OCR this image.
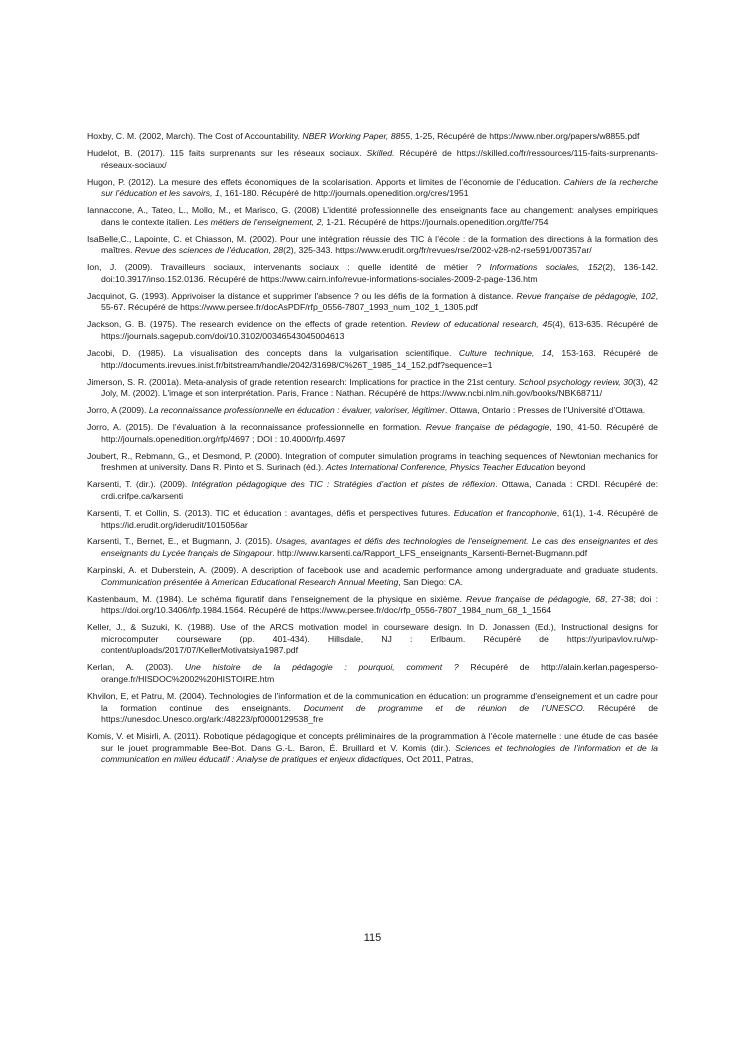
Hoxby, C. M. (2002, March). The Cost of Accountability. NBER Working Paper, 8855, 1-25, Récupéré de https://www.nber.org/papers/w8855.pdf

Hudelot, B. (2017). 115 faits surprenants sur les réseaux sociaux. Skilled. Récupéré de https://skilled.co/fr/ressources/115-faits-surprenants-réseaux-sociaux/

Hugon, P. (2012). La mesure des effets économiques de la scolarisation. Apports et limites de l’économie de l’éducation. Cahiers de la recherche sur l’éducation et les savoirs, 1, 161-180. Récupéré de http://journals.openedition.org/cres/1951

Iannaccone, A., Tateo, L., Mollo, M., et Marisco, G. (2008) L’identité professionnelle des enseignants face au changement: analyses empiriques dans le contexte italien. Les métiers de l'enseignement, 2, 1-21. Récupéré de https://journals.openedition.org/tfe/754

IsaBelle,C., Lapointe, C. et Chiasson, M. (2002). Pour une intégration réussie des TIC à l’école : de la formation des directions à la formation des maîtres. Revue des sciences de l’éducation, 28(2), 325-343. https://www.erudit.org/fr/revues/rse/2002-v28-n2-rse591/007357ar/

Ion, J. (2009). Travailleurs sociaux, intervenants sociaux : quelle identité de métier ? Informations sociales, 152(2), 136-142. doi:10.3917/inso.152.0136. Récupéré de https://www.cairn.info/revue-informations-sociales-2009-2-page-136.htm

Jacquinot, G. (1993). Apprivoiser la distance et supprimer l'absence ? ou les défis de la formation à distance. Revue française de pédagogie, 102, 55-67. Récupéré de https://www.persee.fr/docAsPDF/rfp_0556-7807_1993_num_102_1_1305.pdf

Jackson, G. B. (1975). The research evidence on the effects of grade retention. Review of educational research, 45(4), 613-635. Récupéré de https://journals.sagepub.com/doi/10.3102/00346543045004613

Jacobi, D. (1985). La visualisation des concepts dans la vulgarisation scientifique. Culture technique, 14, 153-163. Récupéré de http://documents.irevues.inist.fr/bitstream/handle/2042/31698/C%26T_1985_14_152.pdf?sequence=1

Jimerson, S. R. (2001a). Meta-analysis of grade retention research: Implications for practice in the 21st century. School psychology review, 30(3), 42 Joly, M. (2002). L'image et son interprétation. Paris, France : Nathan. Récupéré de https://www.ncbi.nlm.nih.gov/books/NBK68711/

Jorro, A (2009). La reconnaissance professionnelle en éducation : évaluer, valoriser, légitimer. Ottawa, Ontario : Presses de l’Université d’Ottawa.

Jorro, A. (2015). De l’évaluation à la reconnaissance professionnelle en formation. Revue française de pédagogie, 190, 41-50. Récupéré de http://journals.openedition.org/rfp/4697 ; DOI : 10.4000/rfp.4697

Joubert, R., Rebmann, G., et Desmond, P. (2000). Integration of computer simulation programs in teaching sequences of Newtonian mechanics for freshmen at university. Dans R. Pinto et S. Surinach (éd.). Actes International Conference, Physics Teacher Education beyond

Karsenti, T. (dir.). (2009). Intégration pédagogique des TIC : Stratégies d’action et pistes de réflexion. Ottawa, Canada : CRDI. Récupéré de: crdi.crifpe.ca/karsenti

Karsenti, T. et Collin, S. (2013). TIC et éducation : avantages, défis et perspectives futures. Education et francophonie, 61(1), 1-4. Récupéré de https://id.erudit.org/iderudit/1015056ar

Karsenti, T., Bernet, E., et Bugmann, J. (2015). Usages, avantages et défis des technologies de l'enseignement. Le cas des enseignantes et des enseignants du Lycée français de Singapour. http://www.karsenti.ca/Rapport_LFS_enseignants_Karsenti-Bernet-Bugmann.pdf

Karpinski, A. et Duberstein, A. (2009). A description of facebook use and academic performance among undergraduate and graduate students. Communication présentée à American Educational Research Annual Meeting, San Diego: CA.

Kastenbaum, M. (1984). Le schéma figuratif dans l'enseignement de la physique en sixième. Revue française de pédagogie, 68, 27-38; doi : https://doi.org/10.3406/rfp.1984.1564. Récupéré de https://www.persee.fr/doc/rfp_0556-7807_1984_num_68_1_1564

Keller, J., & Suzuki, K. (1988). Use of the ARCS motivation model in courseware design. In D. Jonassen (Ed.), Instructional designs for microcomputer courseware (pp. 401-434). Hillsdale, NJ : Erlbaum. Récupéré de https://yuripavlov.ru/wp-content/uploads/2017/07/KellerMotivatsiya1987.pdf

Kerlan, A. (2003). Une histoire de la pédagogie : pourquoi, comment ? Récupéré de http://alain.kerlan.pagesperso-orange.fr/HISDOC%2002%20HISTOIRE.htm

Khvilon, E, et Patru, M. (2004). Technologies de l'information et de la communication en éducation: un programme d'enseignement et un cadre pour la formation continue des enseignants. Document de programme et de réunion de l’UNESCO. Récupéré de https://unesdoc.Unesco.org/ark:/48223/pf0000129538_fre

Komis, V. et Misirli, A. (2011). Robotique pédagogique et concepts préliminaires de la programmation à l’école maternelle : une étude de cas basée sur le jouet programmable Bee-Bot. Dans G.-L. Baron, É. Bruillard et V. Komis (dir.). Sciences et technologies de l’information et de la communication en milieu éducatif : Analyse de pratiques et enjeux didactiques, Oct 2011, Patras,

115
